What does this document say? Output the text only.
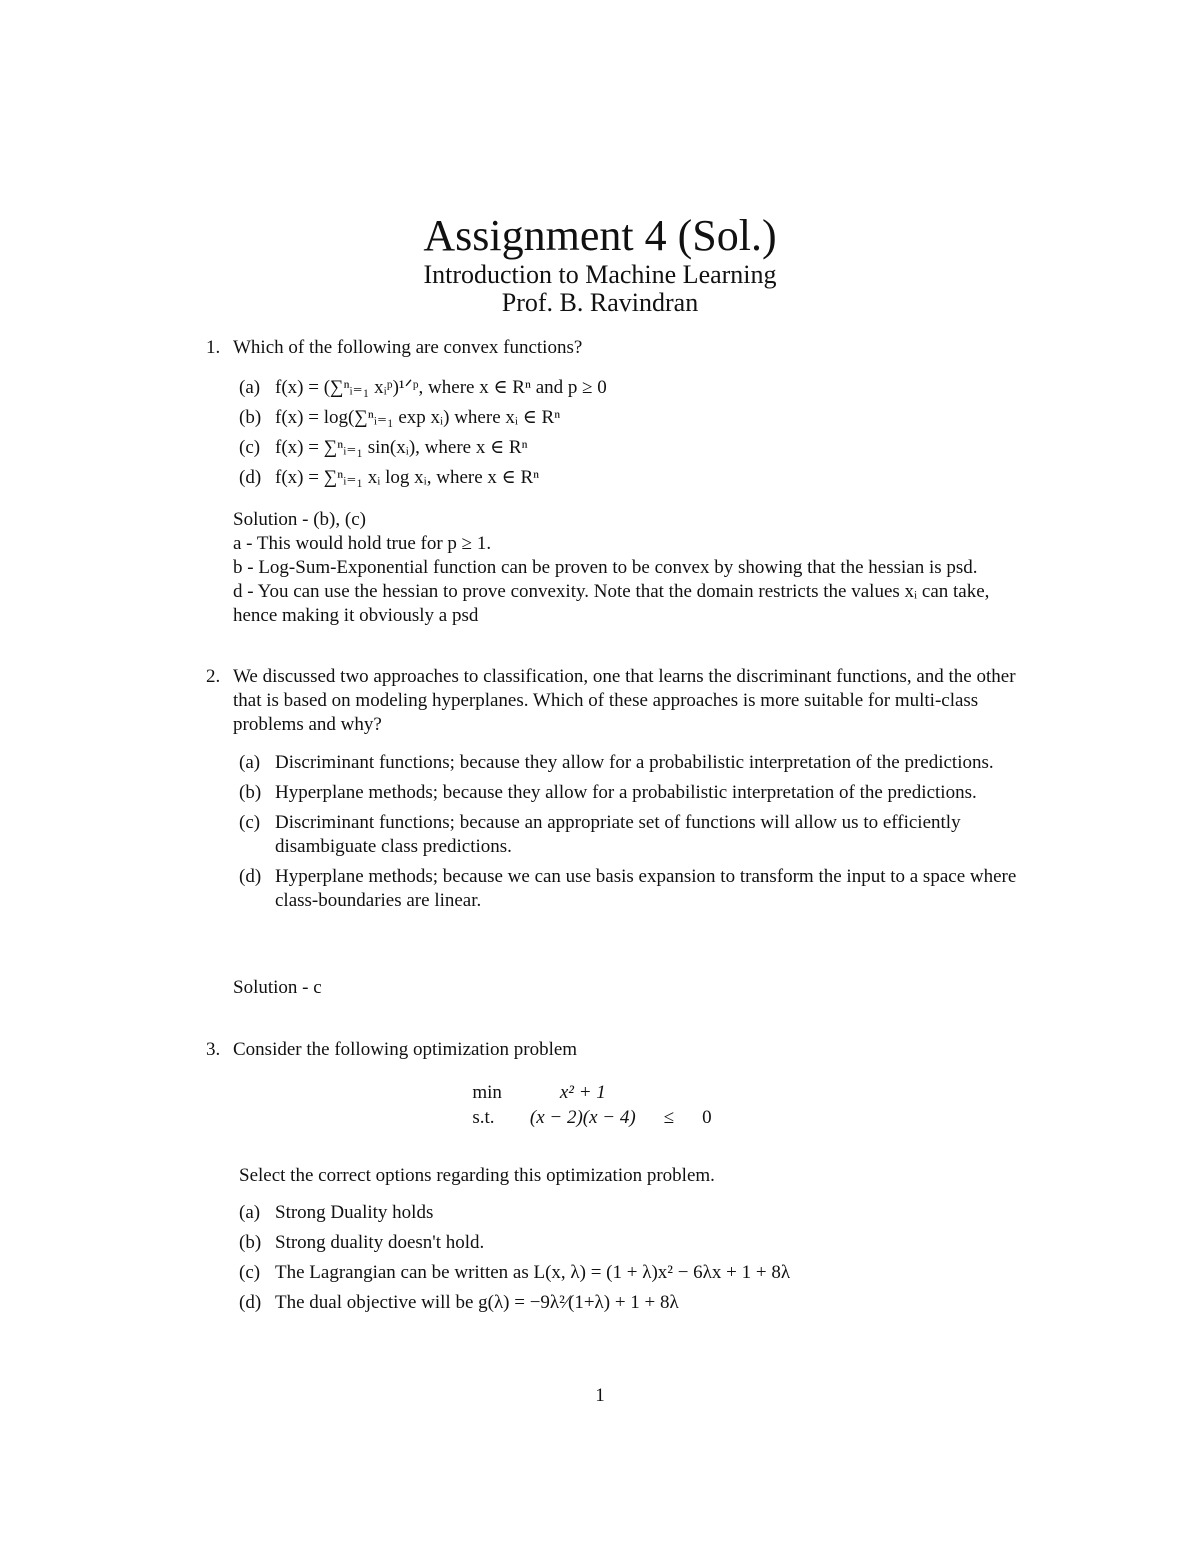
Assignment 4 (Sol.)
Introduction to Machine Learning
Prof. B. Ravindran
1. Which of the following are convex functions?
(a) f(x) = (∑ⁿᵢ₌₁ xᵢᵖ)¹ᐟᵖ, where x ∈ Rⁿ and p ≥ 0
(b) f(x) = log(∑ⁿᵢ₌₁ exp xᵢ) where xᵢ ∈ Rⁿ
(c) f(x) = ∑ⁿᵢ₌₁ sin(xᵢ), where x ∈ Rⁿ
(d) f(x) = ∑ⁿᵢ₌₁ xᵢ log xᵢ, where x ∈ Rⁿ

Solution - (b), (c)

a - This would hold true for p ≥ 1.

b - Log-Sum-Exponential function can be proven to be convex by showing that the hessian is psd.

d - You can use the hessian to prove convexity. Note that the domain restricts the values xᵢ can take, hence making it obviously a psd

2. We discussed two approaches to classification, one that learns the discriminant functions, and the other that is based on modeling hyperplanes. Which of these approaches is more suitable for multi-class problems and why?
(a) Discriminant functions; because they allow for a probabilistic interpretation of the predictions.
(b) Hyperplane methods; because they allow for a probabilistic interpretation of the predictions.
(c) Discriminant functions; because an appropriate set of functions will allow us to efficiently disambiguate class predictions.
(d) Hyperplane methods; because we can use basis expansion to transform the input to a space where class-boundaries are linear.

Solution - c

3. Consider the following optimization problem
min	x² + 1		
s.t.	(x − 2)(x − 4)	≤	0

Select the correct options regarding this optimization problem.

(a) Strong Duality holds
(b) Strong duality doesn't hold.
(c) The Lagrangian can be written as L(x, λ) = (1 + λ)x² − 6λx + 1 + 8λ
(d) The dual objective will be g(λ) = −9λ²⁄(1+λ) + 1 + 8λ
1
